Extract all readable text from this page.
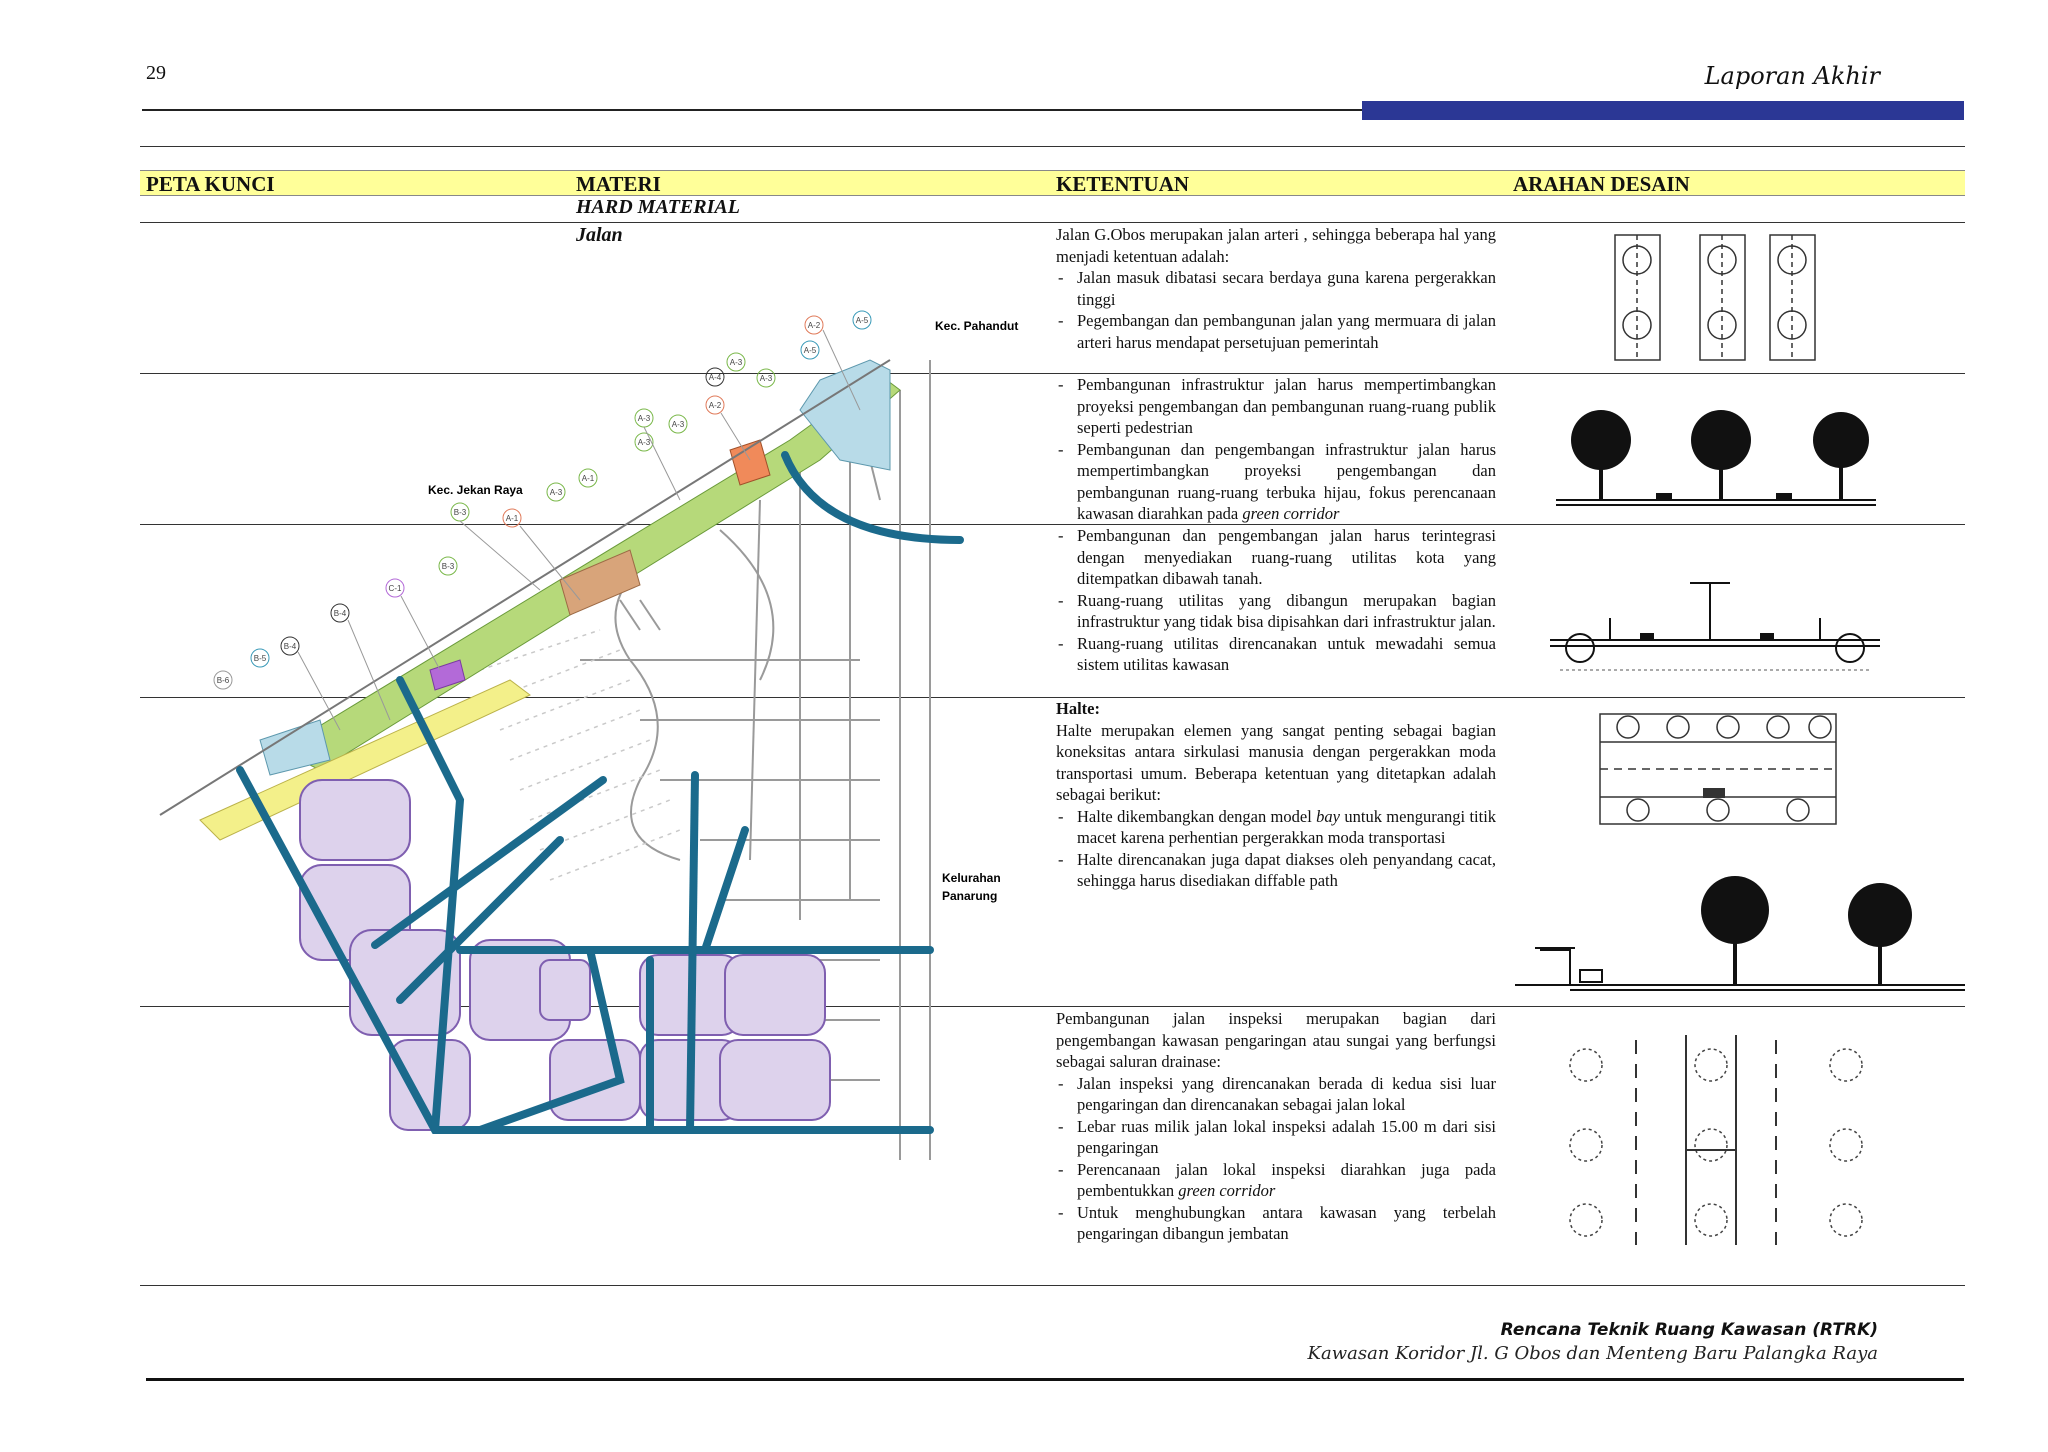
29	Laporan Akhir
PETA KUNCI	MATERI	KETENTUAN	ARAHAN DESAIN
HARD MATERIAL
Jalan
Kec. Pahandut
Kec. Jekan Raya
Kelurahan
Panarung
A-2
A-5
A-5
A-3
A-3
A-4
A-2
A-3
A-3
A-3
A-1
A-3
B-3
A-1
B-3
C-1
B-4
B-4
B-5
B-6

Jalan G.Obos merupakan jalan arteri , sehingga beberapa hal yang menjadi ketentuan adalah:

- Jalan masuk dibatasi secara berdaya guna karena pergerakkan tinggi
- Pegembangan dan pembangunan jalan yang mermuara di jalan arteri harus mendapat persetujuan pemerintah
- Pembangunan infrastruktur jalan harus mempertimbangkan proyeksi pengembangan dan pembangunan ruang-ruang publik seperti pedestrian
- Pembangunan dan pengembangan infrastruktur jalan harus mempertimbangkan proyeksi pengembangan dan pembangunan ruang-ruang terbuka hijau, fokus perencanaan kawasan diarahkan pada green corridor
- Pembangunan dan pengembangan jalan harus terintegrasi dengan menyediakan ruang-ruang utilitas kota yang ditempatkan dibawah tanah.
- Ruang-ruang utilitas yang dibangun merupakan bagian infrastruktur yang tidak bisa dipisahkan dari infrastruktur jalan.
- Ruang-ruang utilitas direncanakan untuk mewadahi semua sistem utilitas kawasan

Halte:

Halte merupakan elemen yang sangat penting sebagai bagian koneksitas antara sirkulasi manusia dengan pergerakkan moda transportasi umum. Beberapa ketentuan yang ditetapkan adalah sebagai berikut:

- Halte dikembangkan dengan model bay untuk mengurangi titik macet karena perhentian pergerakkan moda transportasi
- Halte direncanakan juga dapat diakses oleh penyandang cacat, sehingga harus disediakan diffable path

Pembangunan jalan inspeksi merupakan bagian dari pengembangan kawasan pengaringan atau sungai yang berfungsi sebagai saluran drainase:

- Jalan inspeksi yang direncanakan berada di kedua sisi luar pengaringan dan direncanakan sebagai jalan lokal
- Lebar ruas milik jalan lokal inspeksi adalah 15.00 m dari sisi pengaringan
- Perencanaan jalan lokal inspeksi diarahkan juga pada pembentukkan green corridor
- Untuk menghubungkan antara kawasan yang terbelah pengaringan dibangun jembatan
Rencana Teknik Ruang Kawasan (RTRK)
Kawasan Koridor Jl. G Obos dan Menteng Baru Palangka Raya
